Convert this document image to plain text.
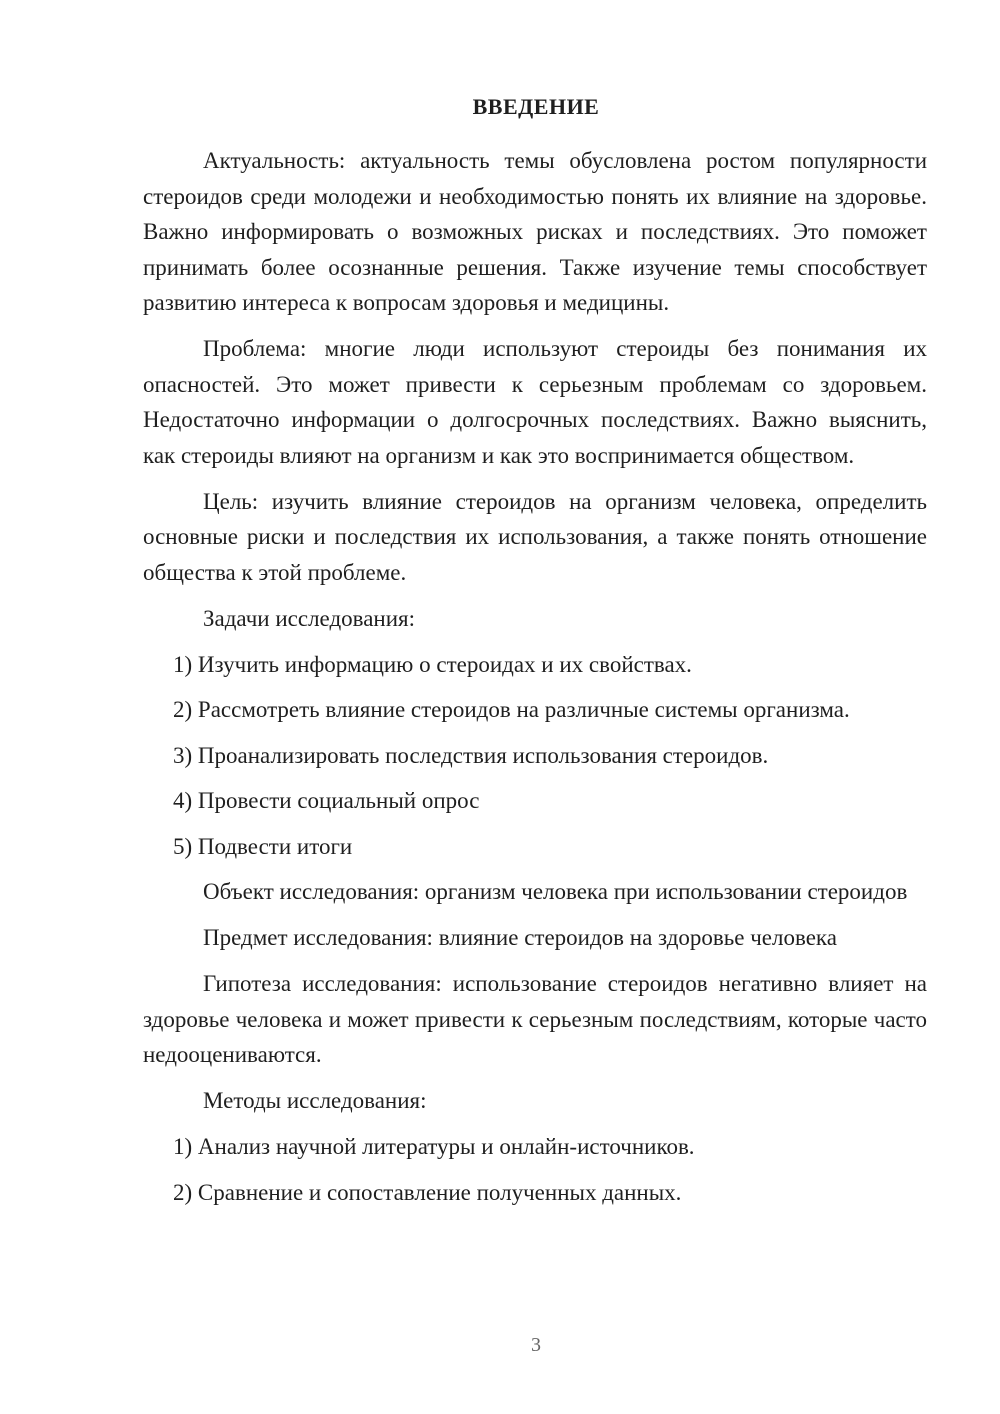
ВВЕДЕНИЕ

Актуальность: актуальность темы обусловлена ростом популярности стероидов среди молодежи и необходимостью понять их влияние на здоровье. Важно информировать о возможных рисках и последствиях. Это поможет принимать более осознанные решения. Также изучение темы способствует развитию интереса к вопросам здоровья и медицины.

Проблема: многие люди используют стероиды без понимания их опасностей. Это может привести к серьезным проблемам со здоровьем. Недостаточно информации о долгосрочных последствиях. Важно выяснить, как стероиды влияют на организм и как это воспринимается обществом.

Цель: изучить влияние стероидов на организм человека, определить основные риски и последствия их использования, а также понять отношение общества к этой проблеме.

Задачи исследования:

1) Изучить информацию о стероидах и их свойствах.

2) Рассмотреть влияние стероидов на различные системы организма.

3) Проанализировать последствия использования стероидов.

4) Провести социальный опрос

5) Подвести итоги

Объект исследования: организм человека при использовании стероидов

Предмет исследования: влияние стероидов на здоровье человека

Гипотеза исследования: использование стероидов негативно влияет на здоровье человека и может привести к серьезным последствиям, которые часто недооцениваются.

Методы исследования:

1) Анализ научной литературы и онлайн-источников.

2) Сравнение и сопоставление полученных данных.

3
